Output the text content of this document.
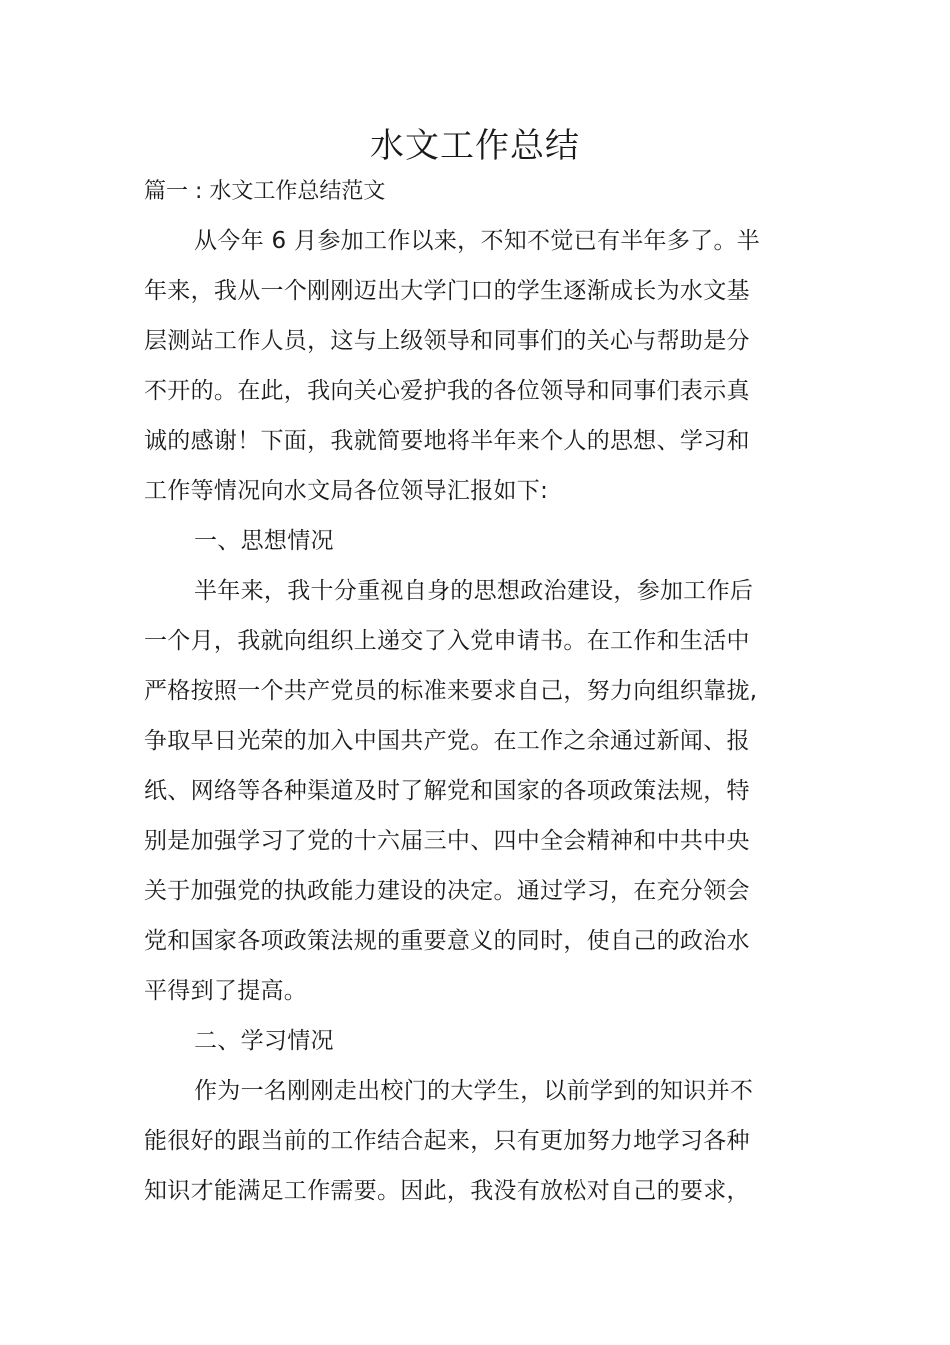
水文工作总结

篇一 : 水文工作总结范文

从今年 6 月参加工作以来，不知不觉已有半年多了。半
年来，我从一个刚刚迈出大学门口的学生逐渐成长为水文基
层测站工作人员，这与上级领导和同事们的关心与帮助是分
不开的。在此，我向关心爱护我的各位领导和同事们表示真
诚的感谢！下面，我就简要地将半年来个人的思想、学习和
工作等情况向水文局各位领导汇报如下:
一、思想情况
半年来，我十分重视自身的思想政治建设，参加工作后
一个月，我就向组织上递交了入党申请书。在工作和生活中
严格按照一个共产党员的标准来要求自己，努力向组织靠拢,
争取早日光荣的加入中国共产党。在工作之余通过新闻、报
纸、网络等各种渠道及时了解党和国家的各项政策法规，特
别是加强学习了党的十六届三中、四中全会精神和中共中央
关于加强党的执政能力建设的决定。通过学习，在充分领会
党和国家各项政策法规的重要意义的同时，使自己的政治水
平得到了提高。
二、学习情况
作为一名刚刚走出校门的大学生，以前学到的知识并不
能很好的跟当前的工作结合起来，只有更加努力地学习各种
知识才能满足工作需要。因此，我没有放松对自己的要求，
